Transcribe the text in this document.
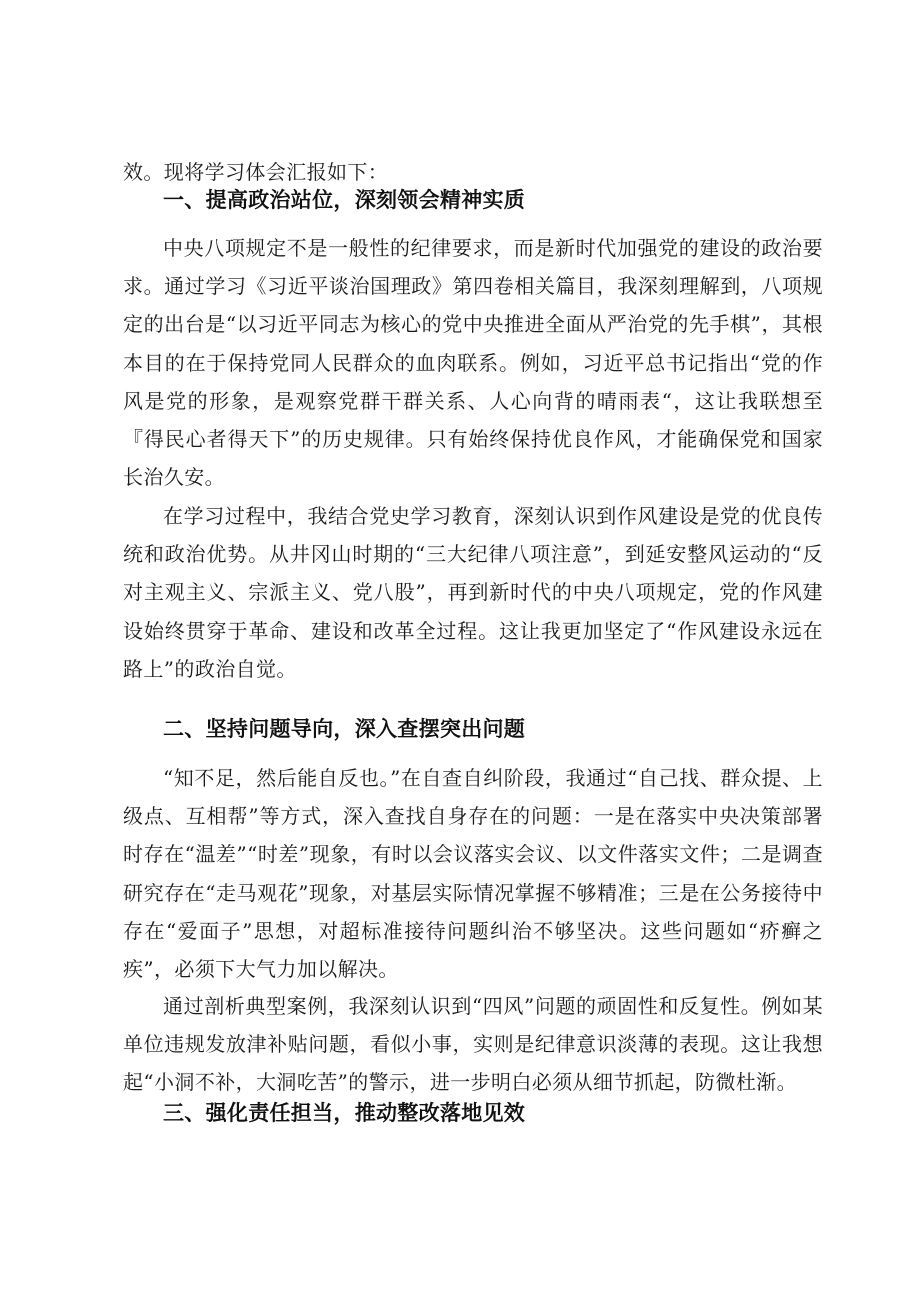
效。现将学习体会汇报如下：

一、提高政治站位，深刻领会精神实质

中央八项规定不是一般性的纪律要求，而是新时代加强党的建设的政治要求。通过学习《习近平谈治国理政》第四卷相关篇目，我深刻理解到，八项规定的出台是“以习近平同志为核心的党中央推进全面从严治党的先手棋”，其根本目的在于保持党同人民群众的血肉联系。例如，习近平总书记指出“党的作风是党的形象，是观察党群干群关系、人心向背的晴雨表“，这让我联想至『得民心者得天下”的历史规律。只有始终保持优良作风，才能确保党和国家长治久安。

在学习过程中，我结合党史学习教育，深刻认识到作风建设是党的优良传统和政治优势。从井冈山时期的“三大纪律八项注意”，到延安整风运动的“反对主观主义、宗派主义、党八股”，再到新时代的中央八项规定，党的作风建设始终贯穿于革命、建设和改革全过程。这让我更加坚定了“作风建设永远在路上”的政治自觉。

二、坚持问题导向，深入查摆突出问题

“知不足，然后能自反也。”在自查自纠阶段，我通过“自己找、群众提、上级点、互相帮”等方式，深入查找自身存在的问题：一是在落实中央决策部署时存在“温差”“时差”现象，有时以会议落实会议、以文件落实文件；二是调查研究存在“走马观花”现象，对基层实际情况掌握不够精准；三是在公务接待中存在“爱面子”思想，对超标准接待问题纠治不够坚决。这些问题如“疥癣之疾”，必须下大气力加以解决。

通过剖析典型案例，我深刻认识到“四风”问题的顽固性和反复性。例如某单位违规发放津补贴问题，看似小事，实则是纪律意识淡薄的表现。这让我想起“小洞不补，大洞吃苦”的警示，进一步明白必须从细节抓起，防微杜渐。

三、强化责任担当，推动整改落地见效
